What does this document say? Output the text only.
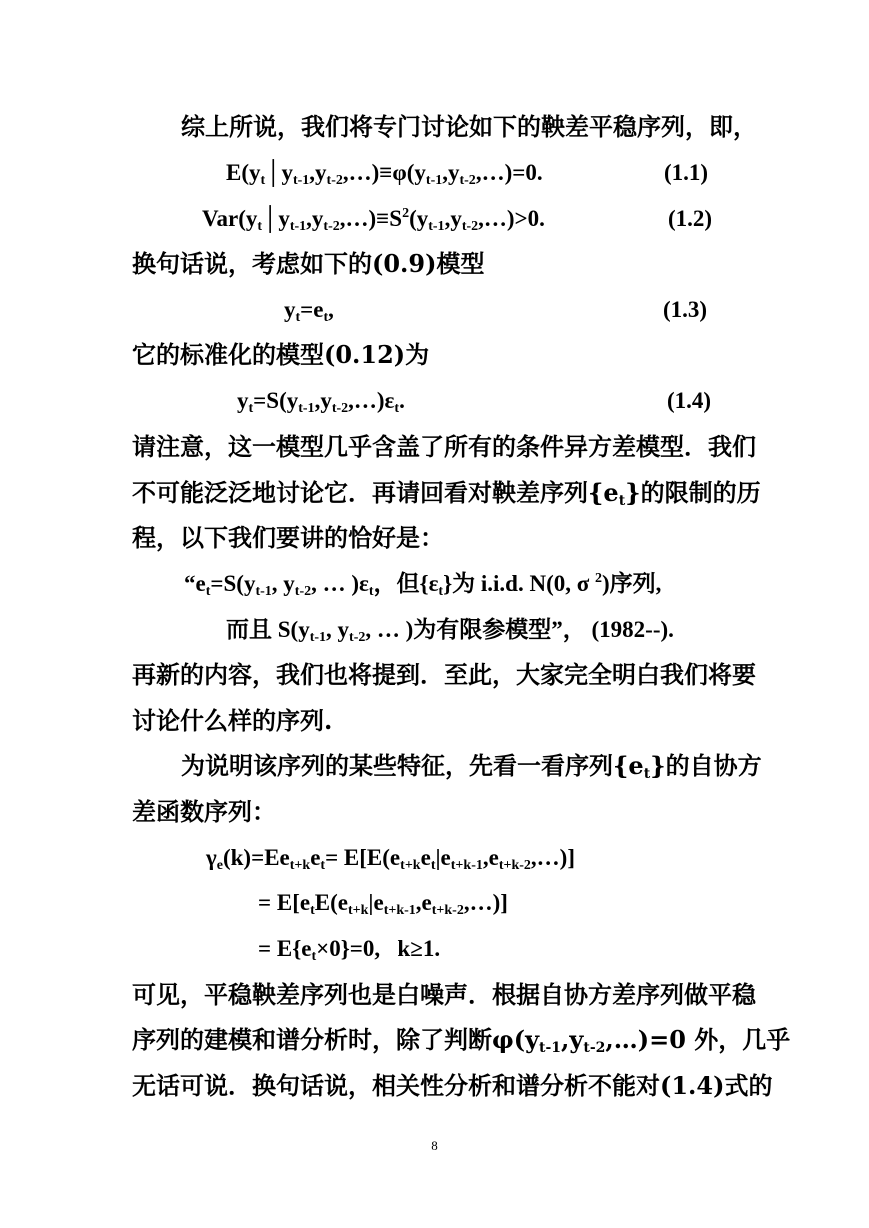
综上所说，我们将专门讨论如下的鞅差平稳序列，即，
$E(y_t│y_{t-1},y_{t-2},\dots)\equiv\varphi(y_{t-1},y_{t-2},\dots)=0$.	(1.1)
$Var(y_t│y_{t-1},y_{t-2},\dots)\equiv S^2(y_{t-1},y_{t-2},\dots)>0$.	(1.2)
换句话说，考虑如下的(0.9)模型
$y_t=e_t$,	(1.3)
它的标准化的模型(0.12)为
$y_t=S(y_{t-1},y_{t-2},\dots)\varepsilon_t$.	(1.4)
请注意，这一模型几乎含盖了所有的条件异方差模型．我们
不可能泛泛地讨论它．再请回看对鞅差序列$\{e_t\}$的限制的历
程，以下我们要讲的恰好是：
“$e_t=S(y_{t-1}$, $y_{t-2}$, … )$\varepsilon_t$，但$\{\varepsilon_t\}$为 i.i.d. N(0, σ $^2$)序列,
而且 $S(y_{t-1}$, $y_{t-2}$, … )为有限参模型”， (1982--).
再新的内容，我们也将提到．至此，大家完全明白我们将要
讨论什么样的序列.
为说明该序列的某些特征，先看一看序列$\{e_t\}$的自协方
差函数序列：
$\gamma_e(k)=Ee_{t+k}e_t=$ $E[E(e_{t+k}e_t|e_{t+k-1},e_{t+k-2},\dots)]$
= $E[e_tE(e_{t+k}|e_{t+k-1},e_{t+k-2},\dots)]$
= $E\{e_t\times 0\}=0$,   k≥1.
可见，平稳鞅差序列也是白噪声．根据自协方差序列做平稳
序列的建模和谱分析时，除了判断$\varphi(y_{t-1},y_{t-2},\dots)=0$ 外，几乎
无话可说．换句话说，相关性分析和谱分析不能对(1.4)式的
8
